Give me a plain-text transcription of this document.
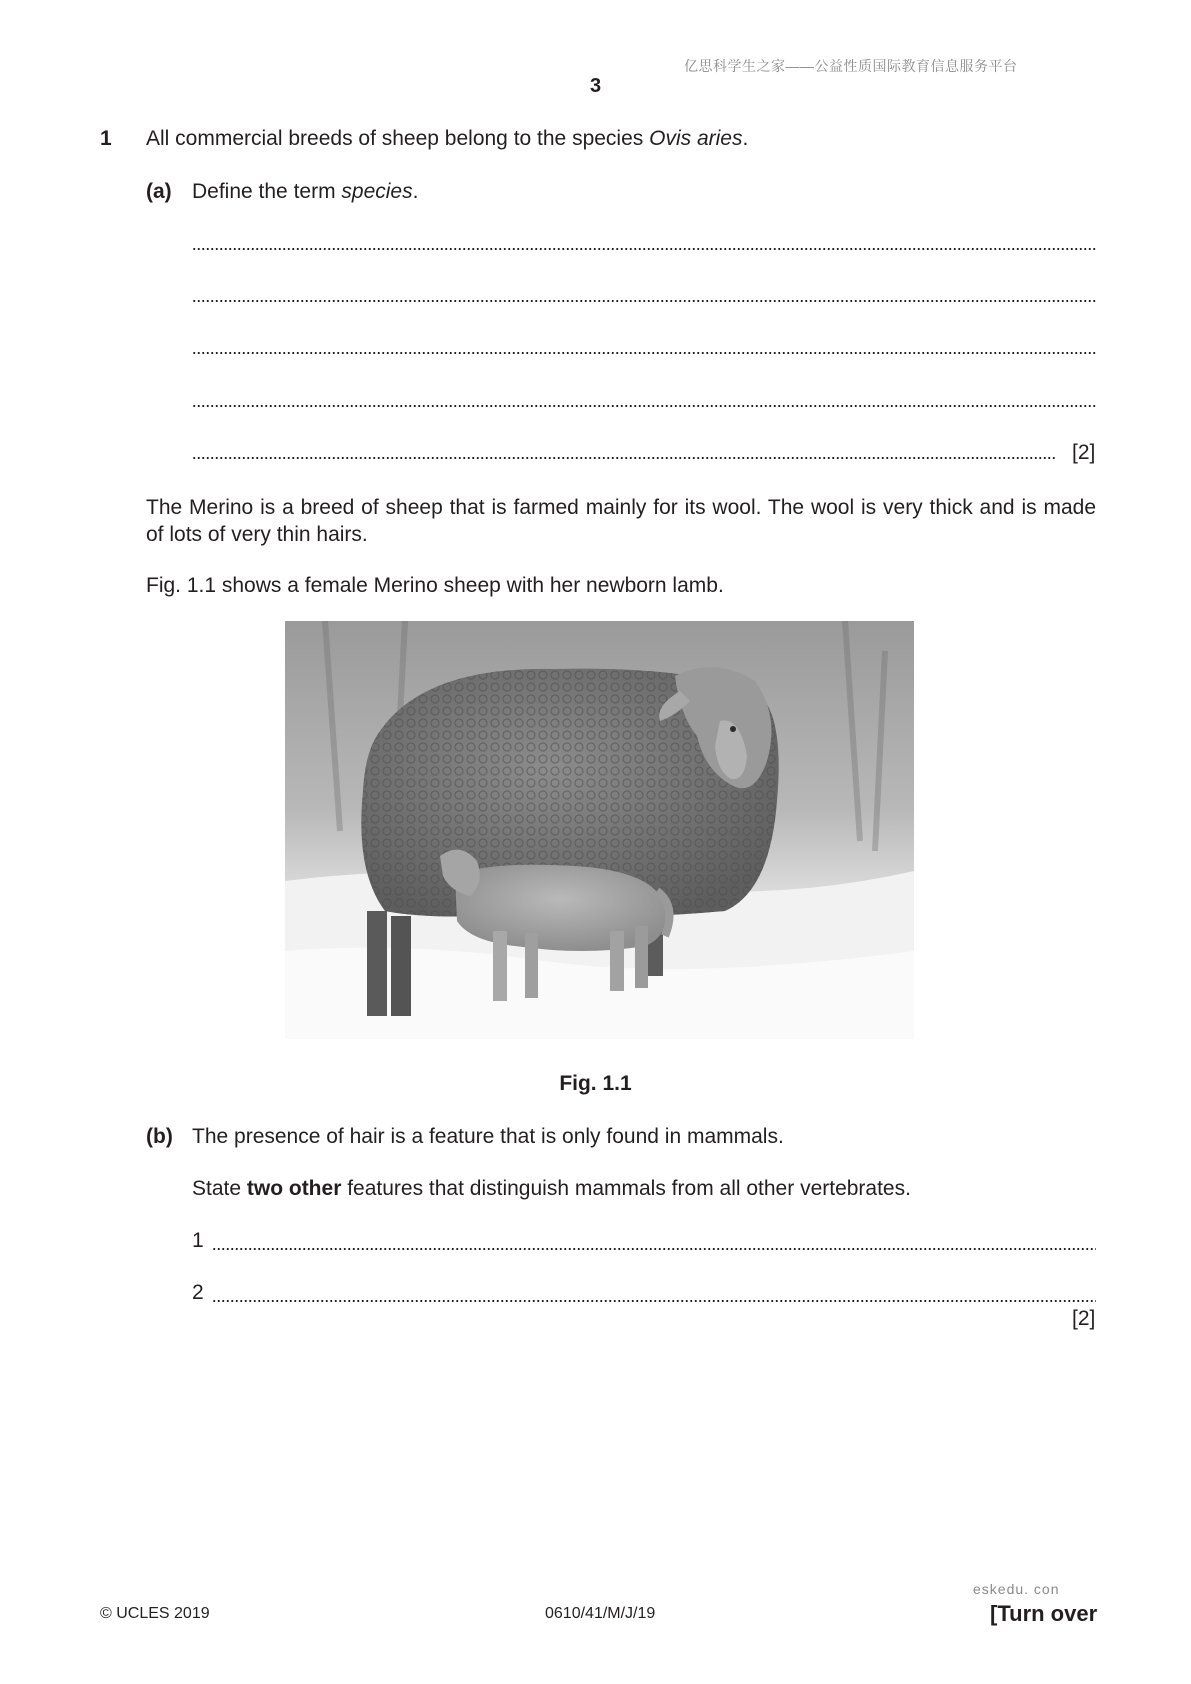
亿思科学生之家——公益性质国际教育信息服务平台
3
1 All commercial breeds of sheep belong to the species Ovis aries.
(a) Define the term species.
[2]
The Merino is a breed of sheep that is farmed mainly for its wool. The wool is very thick and is made of lots of very thin hairs.
Fig. 1.1 shows a female Merino sheep with her newborn lamb.
Fig. 1.1
(b) The presence of hair is a feature that is only found in mammals.
State two other features that distinguish mammals from all other vertebrates.
1
2
[2]
eskedu. con
© UCLES 2019	0610/41/M/J/19	[Turn over
